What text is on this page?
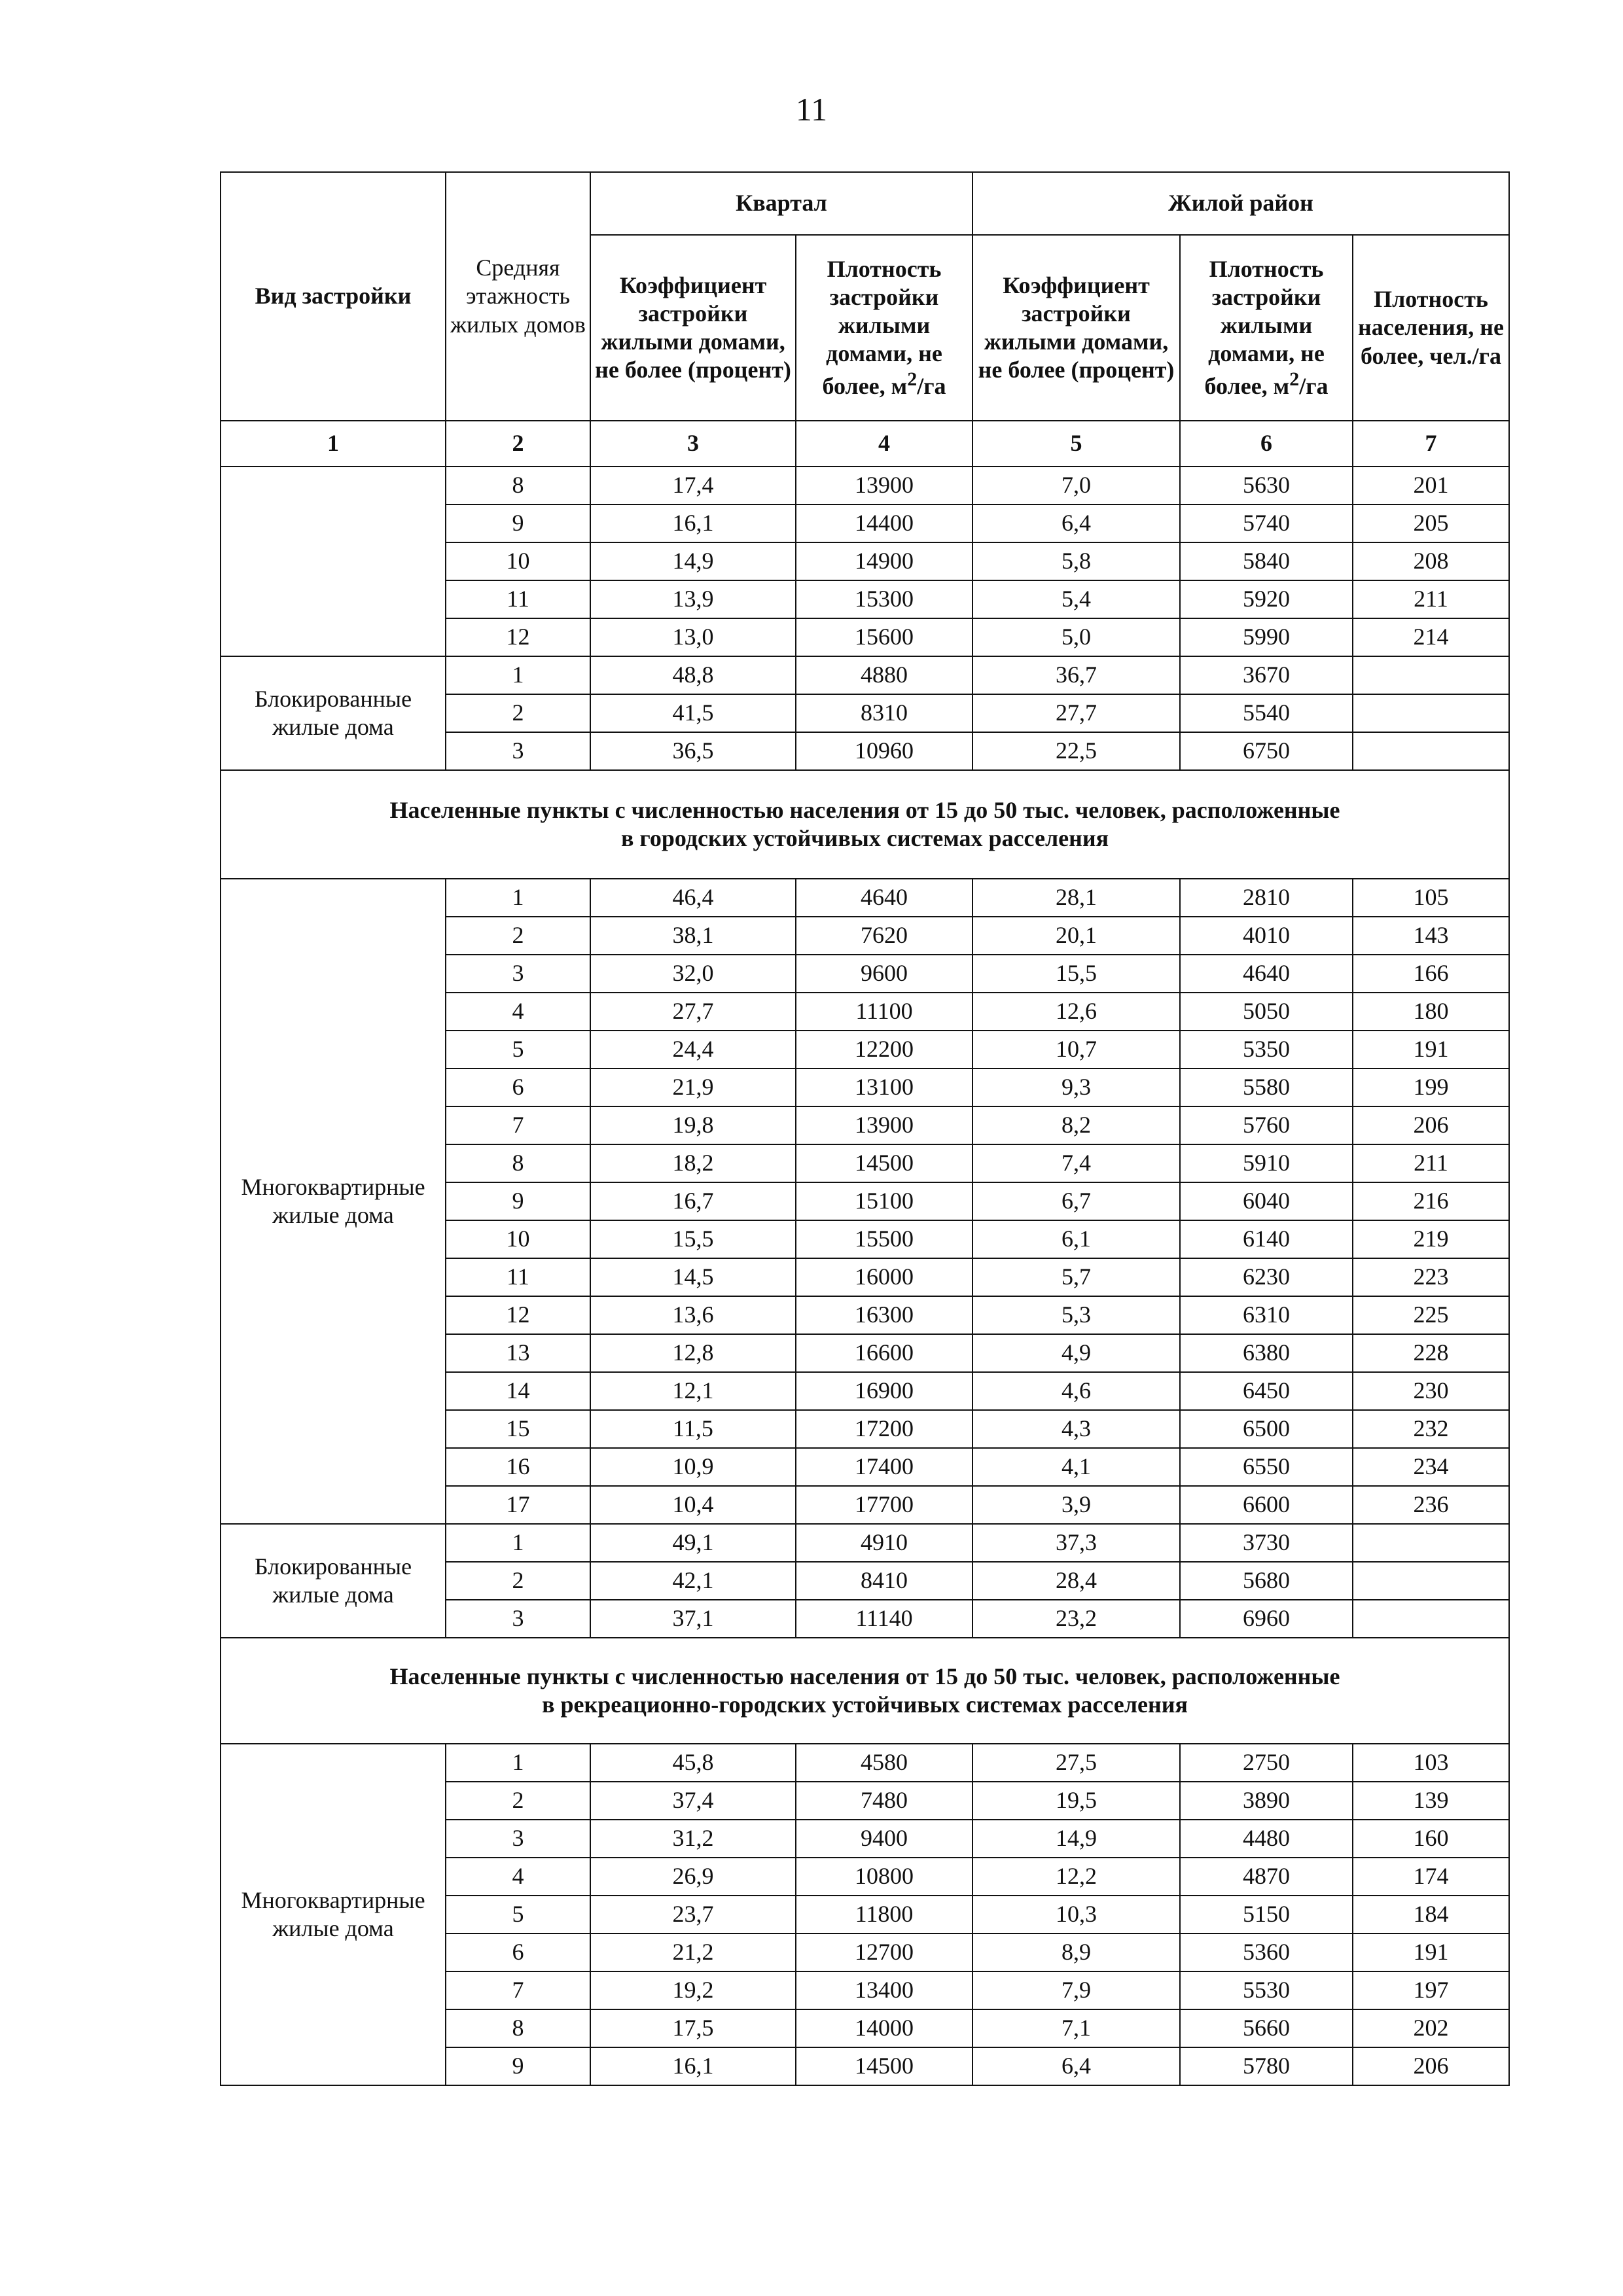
11
Вид застройки	Средняя этажность жилых домов	Квартал		Жилой район		
		Коэффициент застройки жилыми домами, не более (процент)	Плотность застройки жилыми домами, не более, $м^2/га$	Коэффициент застройки жилыми домами, не более (процент)	Плотность застройки жилыми домами, не более, $м^2/га$	Плотность населения, не более, чел./га
1	2	3	4	5	6	7
	8	17,4	13900	7,0	5630	201
	9	16,1	14400	6,4	5740	205
	10	14,9	14900	5,8	5840	208
	11	13,9	15300	5,4	5920	211
	12	13,0	15600	5,0	5990	214
Блокированные жилые дома	1	48,8	4880	36,7	3670	
	2	41,5	8310	27,7	5540	
	3	36,5	10960	22,5	6750	

Населенные пункты с численностью населения от 15 до 50 тыс. человек, расположенные
в городских устойчивых системах расселения						

Многоквартирные жилые дома	1	46,4	4640	28,1	2810	105
	2	38,1	7620	20,1	4010	143
	3	32,0	9600	15,5	4640	166
	4	27,7	11100	12,6	5050	180
	5	24,4	12200	10,7	5350	191
	6	21,9	13100	9,3	5580	199
	7	19,8	13900	8,2	5760	206
	8	18,2	14500	7,4	5910	211
	9	16,7	15100	6,7	6040	216
	10	15,5	15500	6,1	6140	219
	11	14,5	16000	5,7	6230	223
	12	13,6	16300	5,3	6310	225
	13	12,8	16600	4,9	6380	228
	14	12,1	16900	4,6	6450	230
	15	11,5	17200	4,3	6500	232
	16	10,9	17400	4,1	6550	234
	17	10,4	17700	3,9	6600	236
Блокированные жилые дома	1	49,1	4910	37,3	3730	
	2	42,1	8410	28,4	5680	
	3	37,1	11140	23,2	6960	

Населенные пункты с численностью населения от 15 до 50 тыс. человек, расположенные
в рекреационно-городских устойчивых системах расселения						

Многоквартирные жилые дома	1	45,8	4580	27,5	2750	103
	2	37,4	7480	19,5	3890	139
	3	31,2	9400	14,9	4480	160
	4	26,9	10800	12,2	4870	174
	5	23,7	11800	10,3	5150	184
	6	21,2	12700	8,9	5360	191
	7	19,2	13400	7,9	5530	197
	8	17,5	14000	7,1	5660	202
	9	16,1	14500	6,4	5780	206
